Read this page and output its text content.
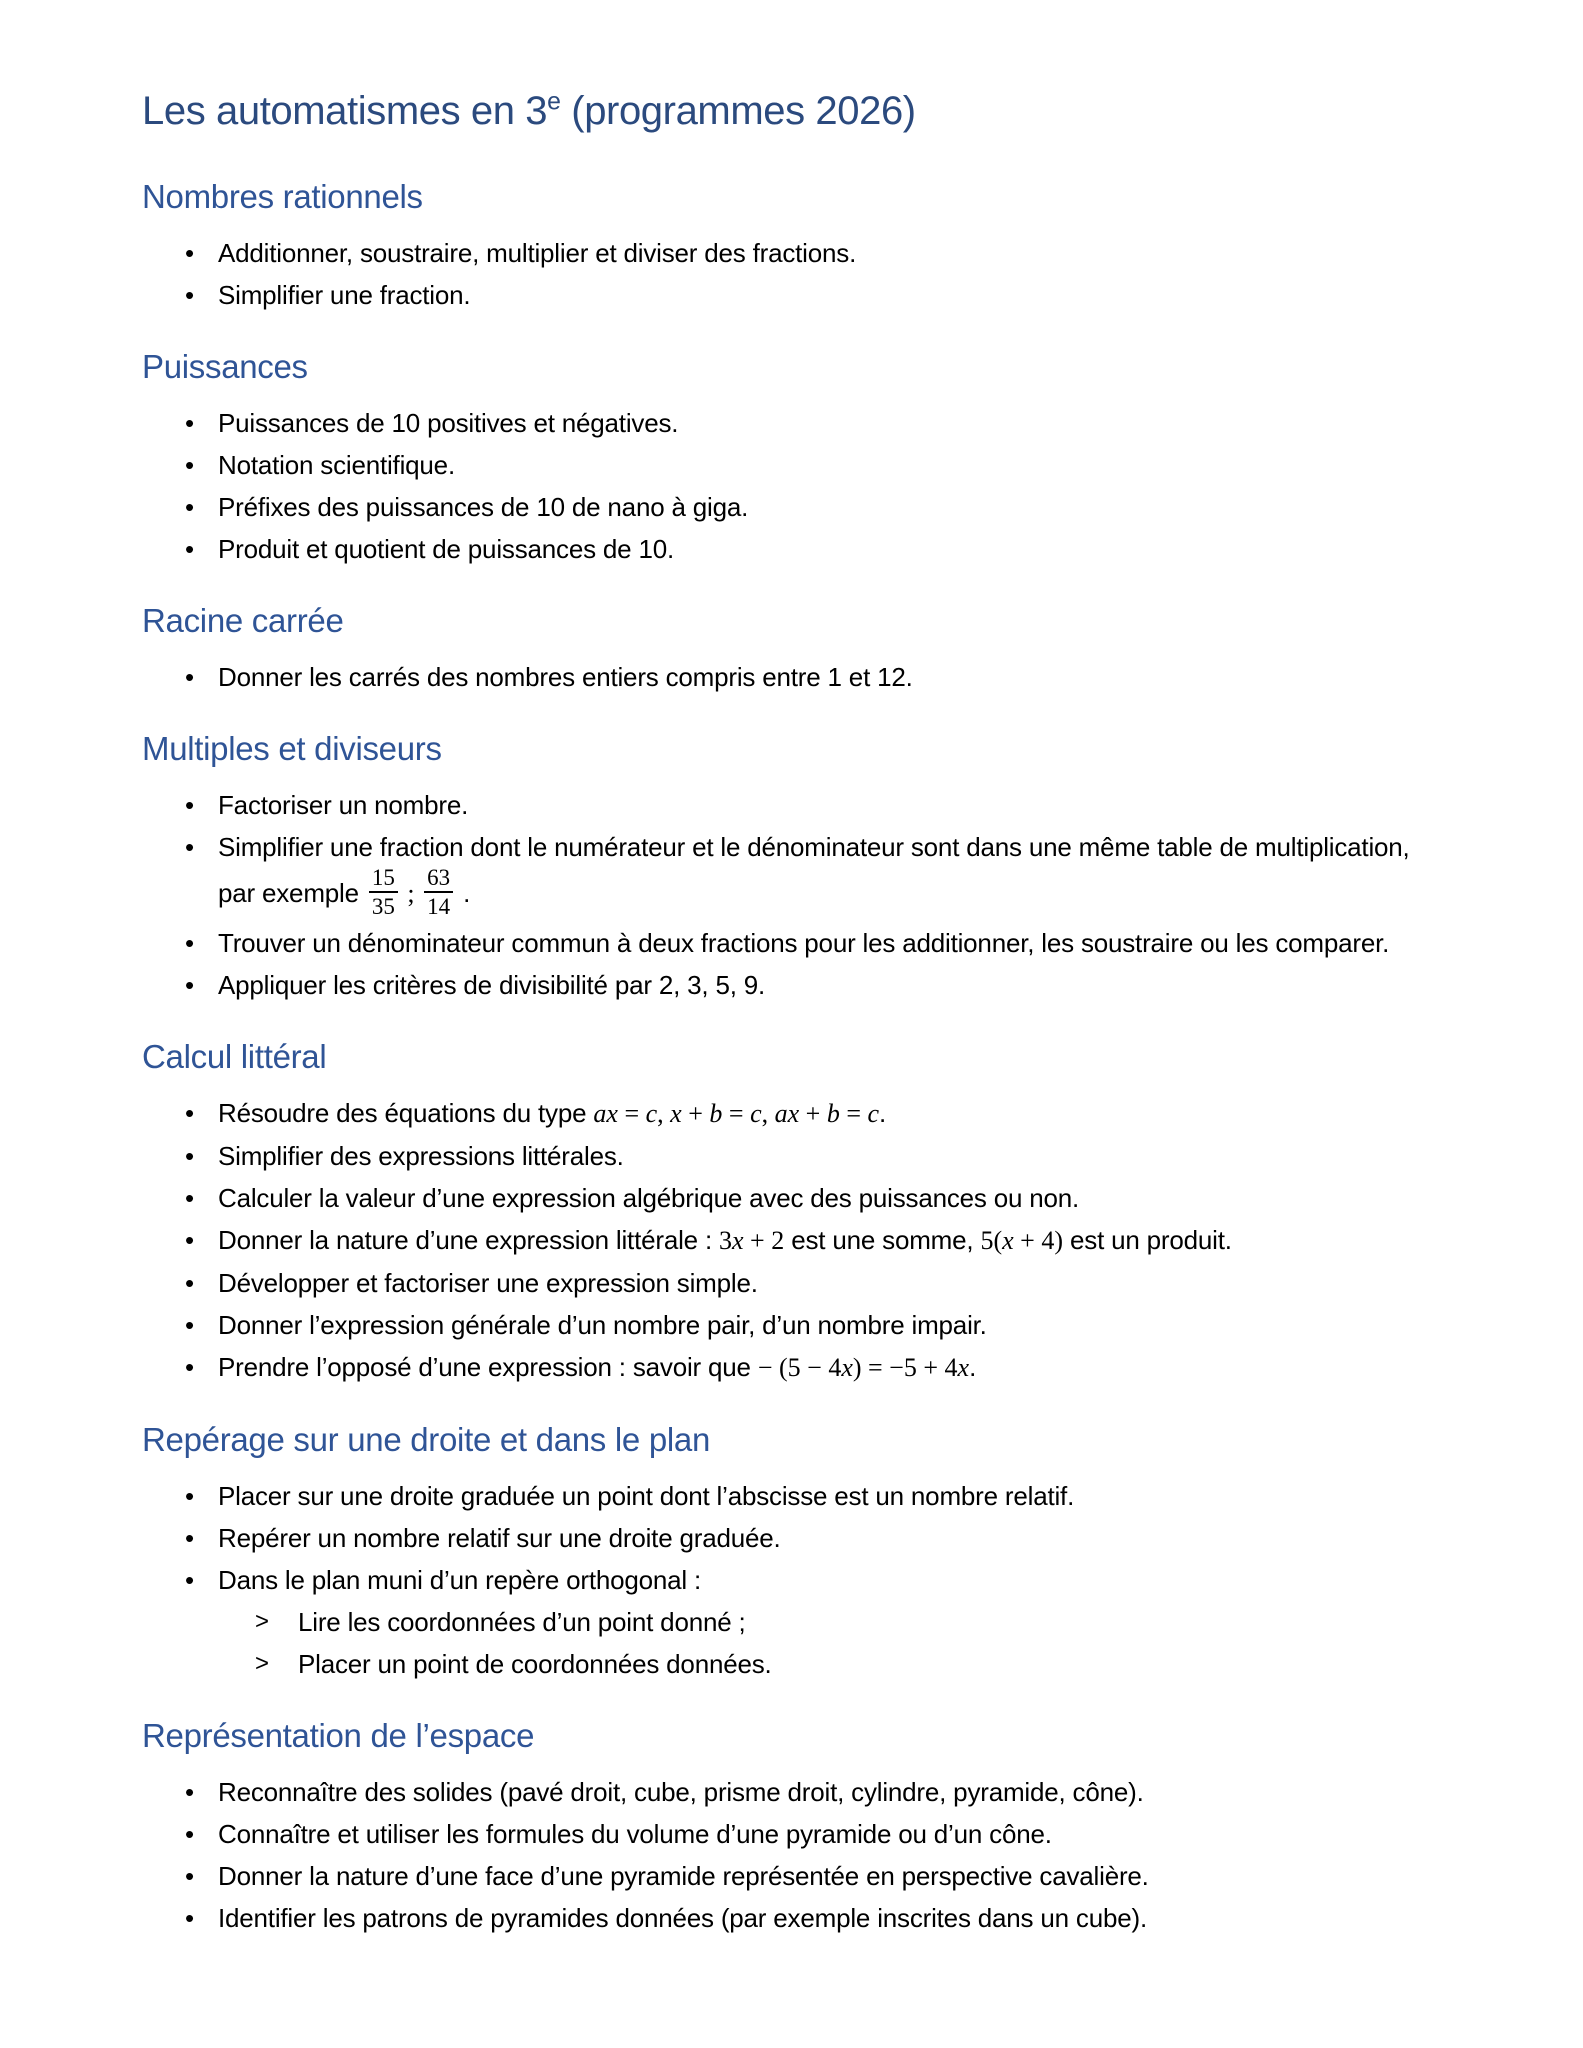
Les automatismes en 3e (programmes 2026)
Nombres rationnels
• Additionner, soustraire, multiplier et diviser des fractions.
• Simplifier une fraction.
Puissances
• Puissances de 10 positives et négatives.
• Notation scientifique.
• Préfixes des puissances de 10 de nano à giga.
• Produit et quotient de puissances de 10.
Racine carrée
• Donner les carrés des nombres entiers compris entre 1 et 12.
Multiples et diviseurs
• Factoriser un nombre.
• Simplifier une fraction dont le numérateur et le dénominateur sont dans une même table de multiplication, par exemple $\frac{15}{35}$ ; $\frac{63}{14}$ .
• Trouver un dénominateur commun à deux fractions pour les additionner, les soustraire ou les comparer.
• Appliquer les critères de divisibilité par 2, 3, 5, 9.
Calcul littéral
• Résoudre des équations du type ax = c, x + b = c, ax + b = c.
• Simplifier des expressions littérales.
• Calculer la valeur d’une expression algébrique avec des puissances ou non.
• Donner la nature d’une expression littérale : 3x + 2 est une somme, 5(x + 4) est un produit.
• Développer et factoriser une expression simple.
• Donner l’expression générale d’un nombre pair, d’un nombre impair.
• Prendre l’opposé d’une expression : savoir que − (5 − 4x) = −5 + 4x.
Repérage sur une droite et dans le plan
• Placer sur une droite graduée un point dont l’abscisse est un nombre relatif.
• Repérer un nombre relatif sur une droite graduée.
• Dans le plan muni d’un repère orthogonal :
>	Lire les coordonnées d’un point donné ;
>	Placer un point de coordonnées données.
Représentation de l’espace
• Reconnaître des solides (pavé droit, cube, prisme droit, cylindre, pyramide, cône).
• Connaître et utiliser les formules du volume d’une pyramide ou d’un cône.
• Donner la nature d’une face d’une pyramide représentée en perspective cavalière.
• Identifier les patrons de pyramides données (par exemple inscrites dans un cube).
